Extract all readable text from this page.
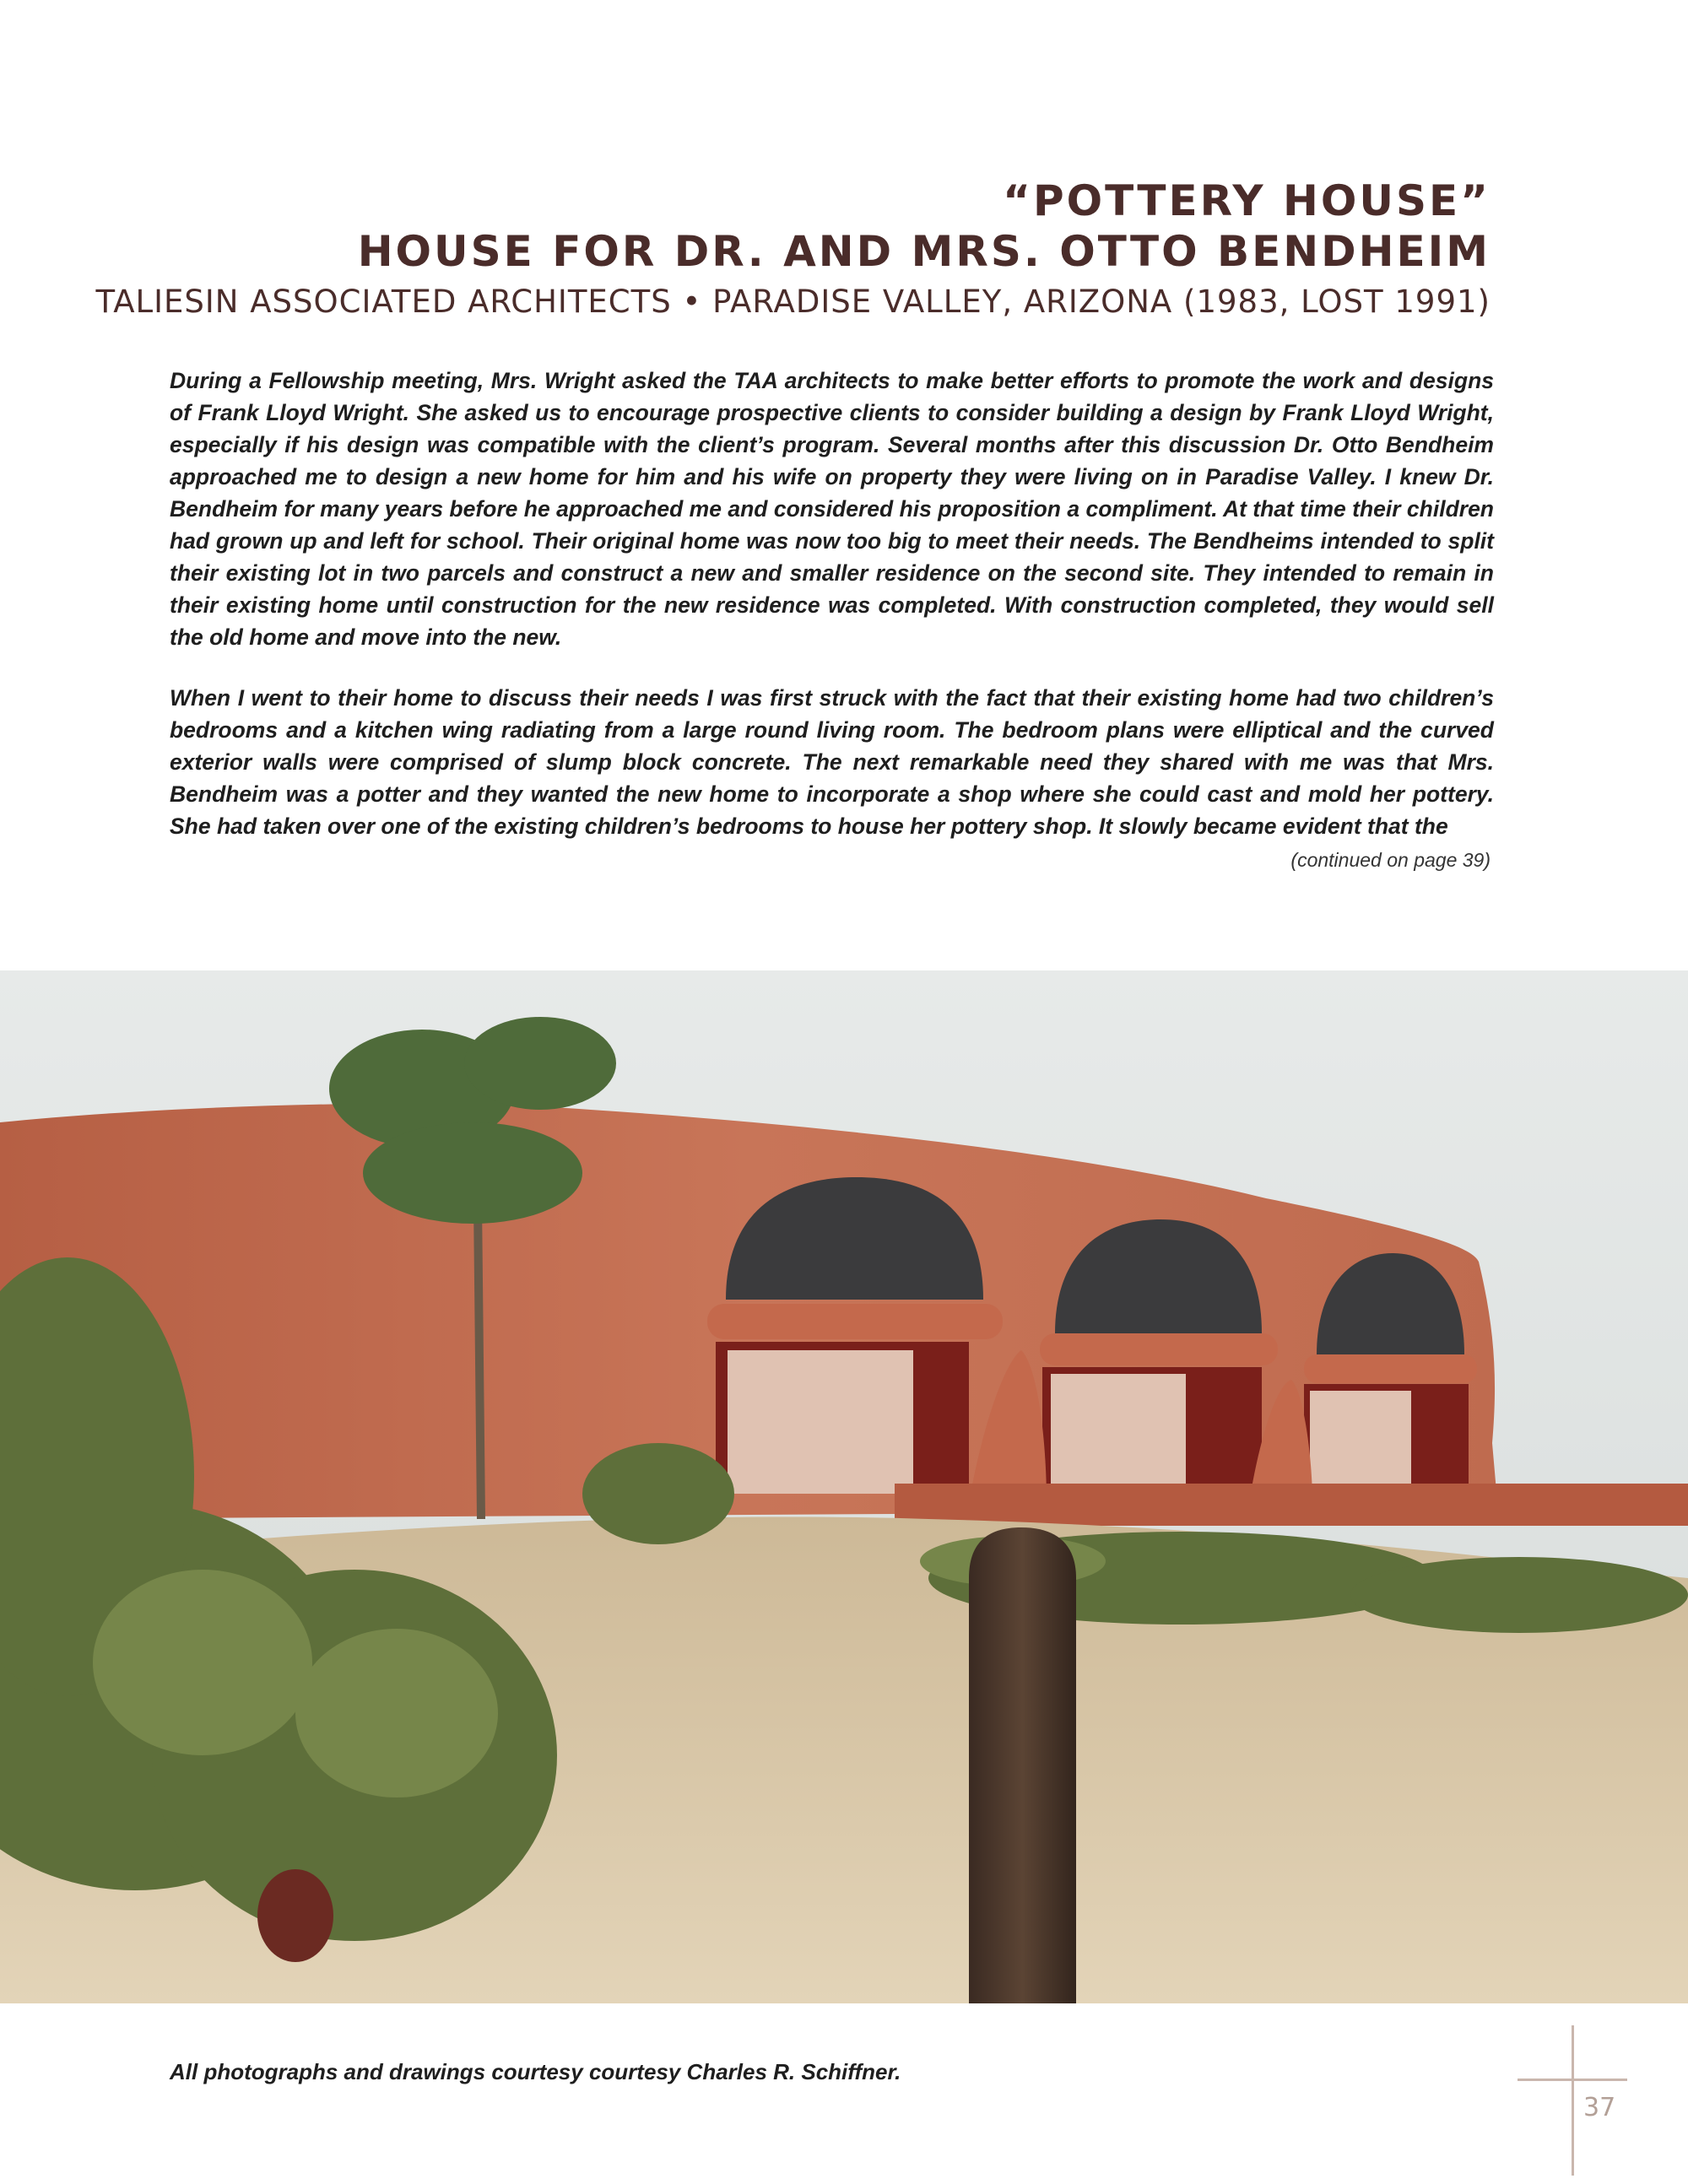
“POTTERY HOUSE”
HOUSE FOR DR. AND MRS. OTTO BENDHEIM
TALIESIN ASSOCIATED ARCHITECTS • PARADISE VALLEY, ARIZONA (1983, LOST 1991)

During a Fellowship meeting, Mrs. Wright asked the TAA architects to make better efforts to promote the work and designs of Frank Lloyd Wright. She asked us to encourage prospective clients to consider building a design by Frank Lloyd Wright, especially if his design was compatible with the client’s program. Several months after this discussion Dr. Otto Bendheim approached me to design a new home for him and his wife on property they were living on in Paradise Valley. I knew Dr. Bendheim for many years before he approached me and considered his proposition a compliment. At that time their children had grown up and left for school. Their original home was now too big to meet their needs. The Bendheims intended to split their existing lot in two parcels and construct a new and smaller residence on the second site. They intended to remain in their existing home until construction for the new residence was completed. With construction completed, they would sell the old home and move into the new.

When I went to their home to discuss their needs I was first struck with the fact that their existing home had two children’s bedrooms and a kitchen wing radiating from a large round living room. The bedroom plans were elliptical and the curved exterior walls were comprised of slump block concrete. The next remarkable need they shared with me was that Mrs. Bendheim was a potter and they wanted the new home to incorporate a shop where she could cast and mold her pottery. She had taken over one of the existing children’s bedrooms to house her pottery shop. It slowly became evident that the

(continued on page 39)
All photographs and drawings courtesy courtesy Charles R. Schiffner.
37
